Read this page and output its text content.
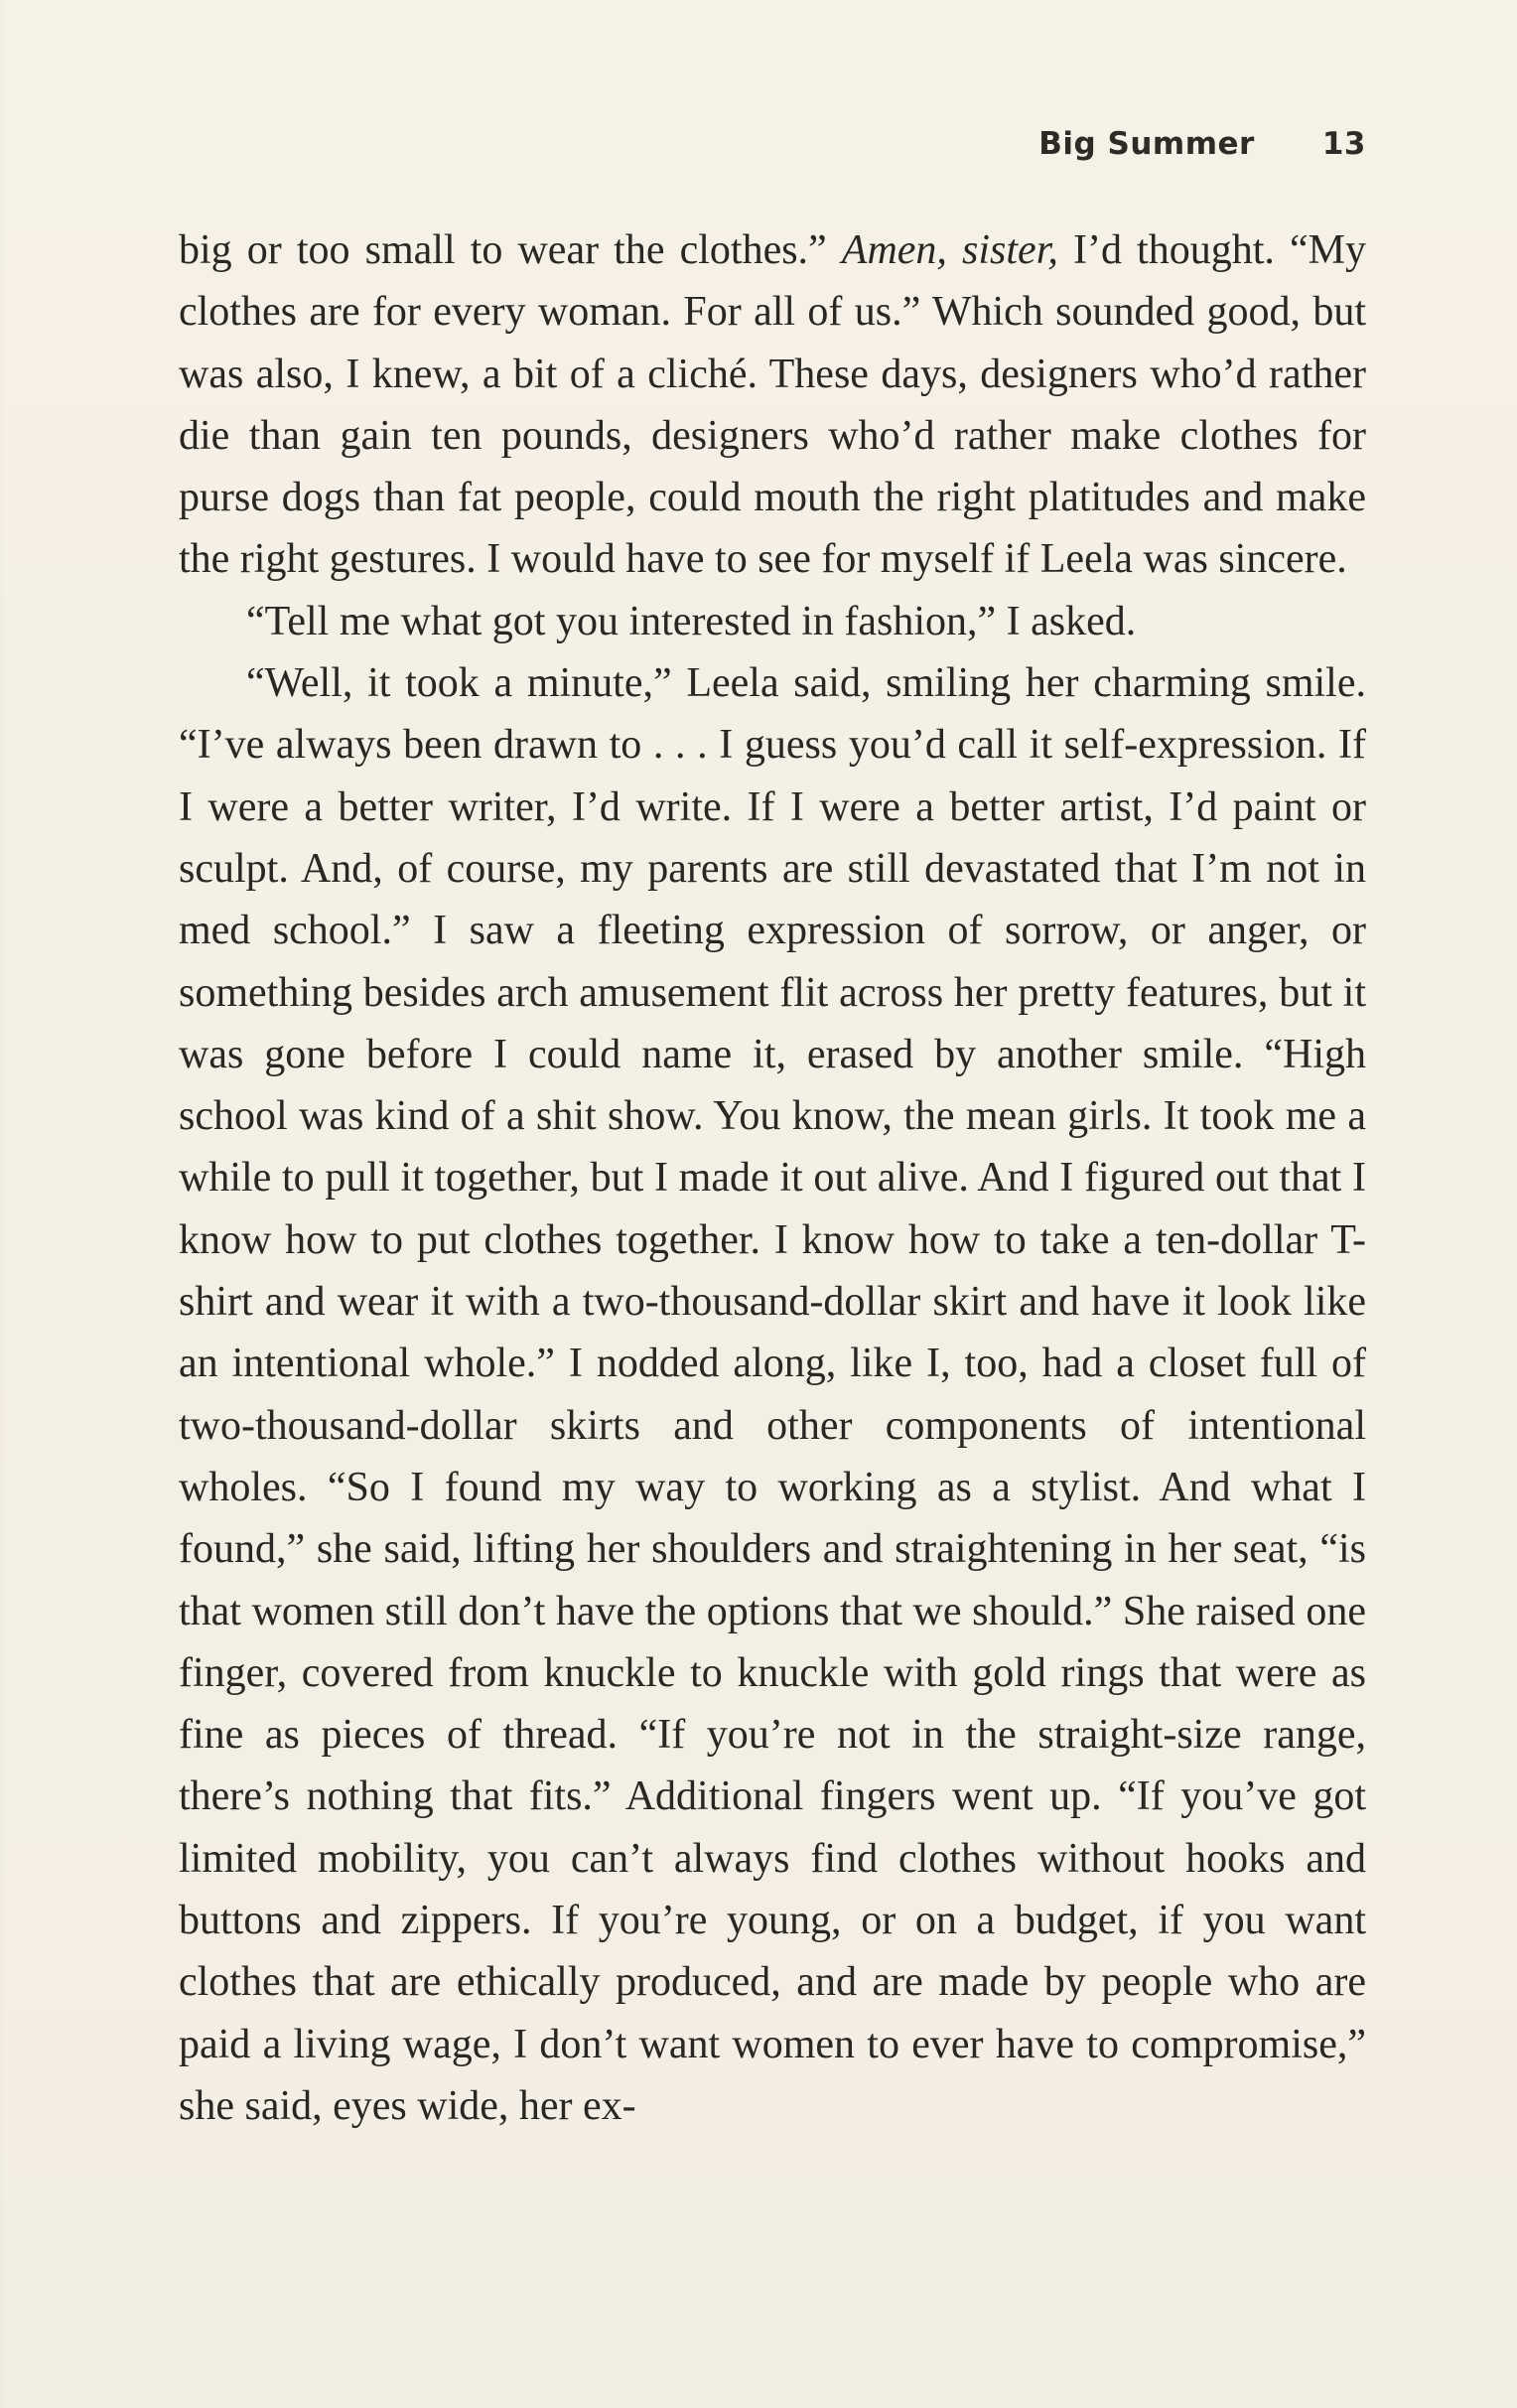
Big Summer 13

big or too small to wear the clothes.” Amen, sister, I’d thought. “My clothes are for every woman. For all of us.” Which sounded good, but was also, I knew, a bit of a cliché. These days, designers who’d rather die than gain ten pounds, designers who’d rather make clothes for purse dogs than fat people, could mouth the right platitudes and make the right gestures. I would have to see for myself if Leela was sincere.

“Tell me what got you interested in fashion,” I asked.

“Well, it took a minute,” Leela said, smiling her charming smile. “I’ve always been drawn to . . . I guess you’d call it self-expression. If I were a better writer, I’d write. If I were a better artist, I’d paint or sculpt. And, of course, my parents are still devastated that I’m not in med school.” I saw a fleeting expression of sorrow, or anger, or something besides arch amusement flit across her pretty features, but it was gone before I could name it, erased by another smile. “High school was kind of a shit show. You know, the mean girls. It took me a while to pull it together, but I made it out alive. And I figured out that I know how to put clothes together. I know how to take a ten-dollar T-shirt and wear it with a two-thousand-dollar skirt and have it look like an intentional whole.” I nodded along, like I, too, had a closet full of two-thousand-dollar skirts and other components of intentional wholes. “So I found my way to working as a stylist. And what I found,” she said, lifting her shoulders and straightening in her seat, “is that women still don’t have the options that we should.” She raised one finger, covered from knuckle to knuckle with gold rings that were as fine as pieces of thread. “If you’re not in the straight-size range, there’s nothing that fits.” Additional fingers went up. “If you’ve got limited mobility, you can’t always find clothes without hooks and buttons and zippers. If you’re young, or on a budget, if you want clothes that are ethically produced, and are made by people who are paid a living wage, I don’t want women to ever have to compromise,” she said, eyes wide, her ex-
